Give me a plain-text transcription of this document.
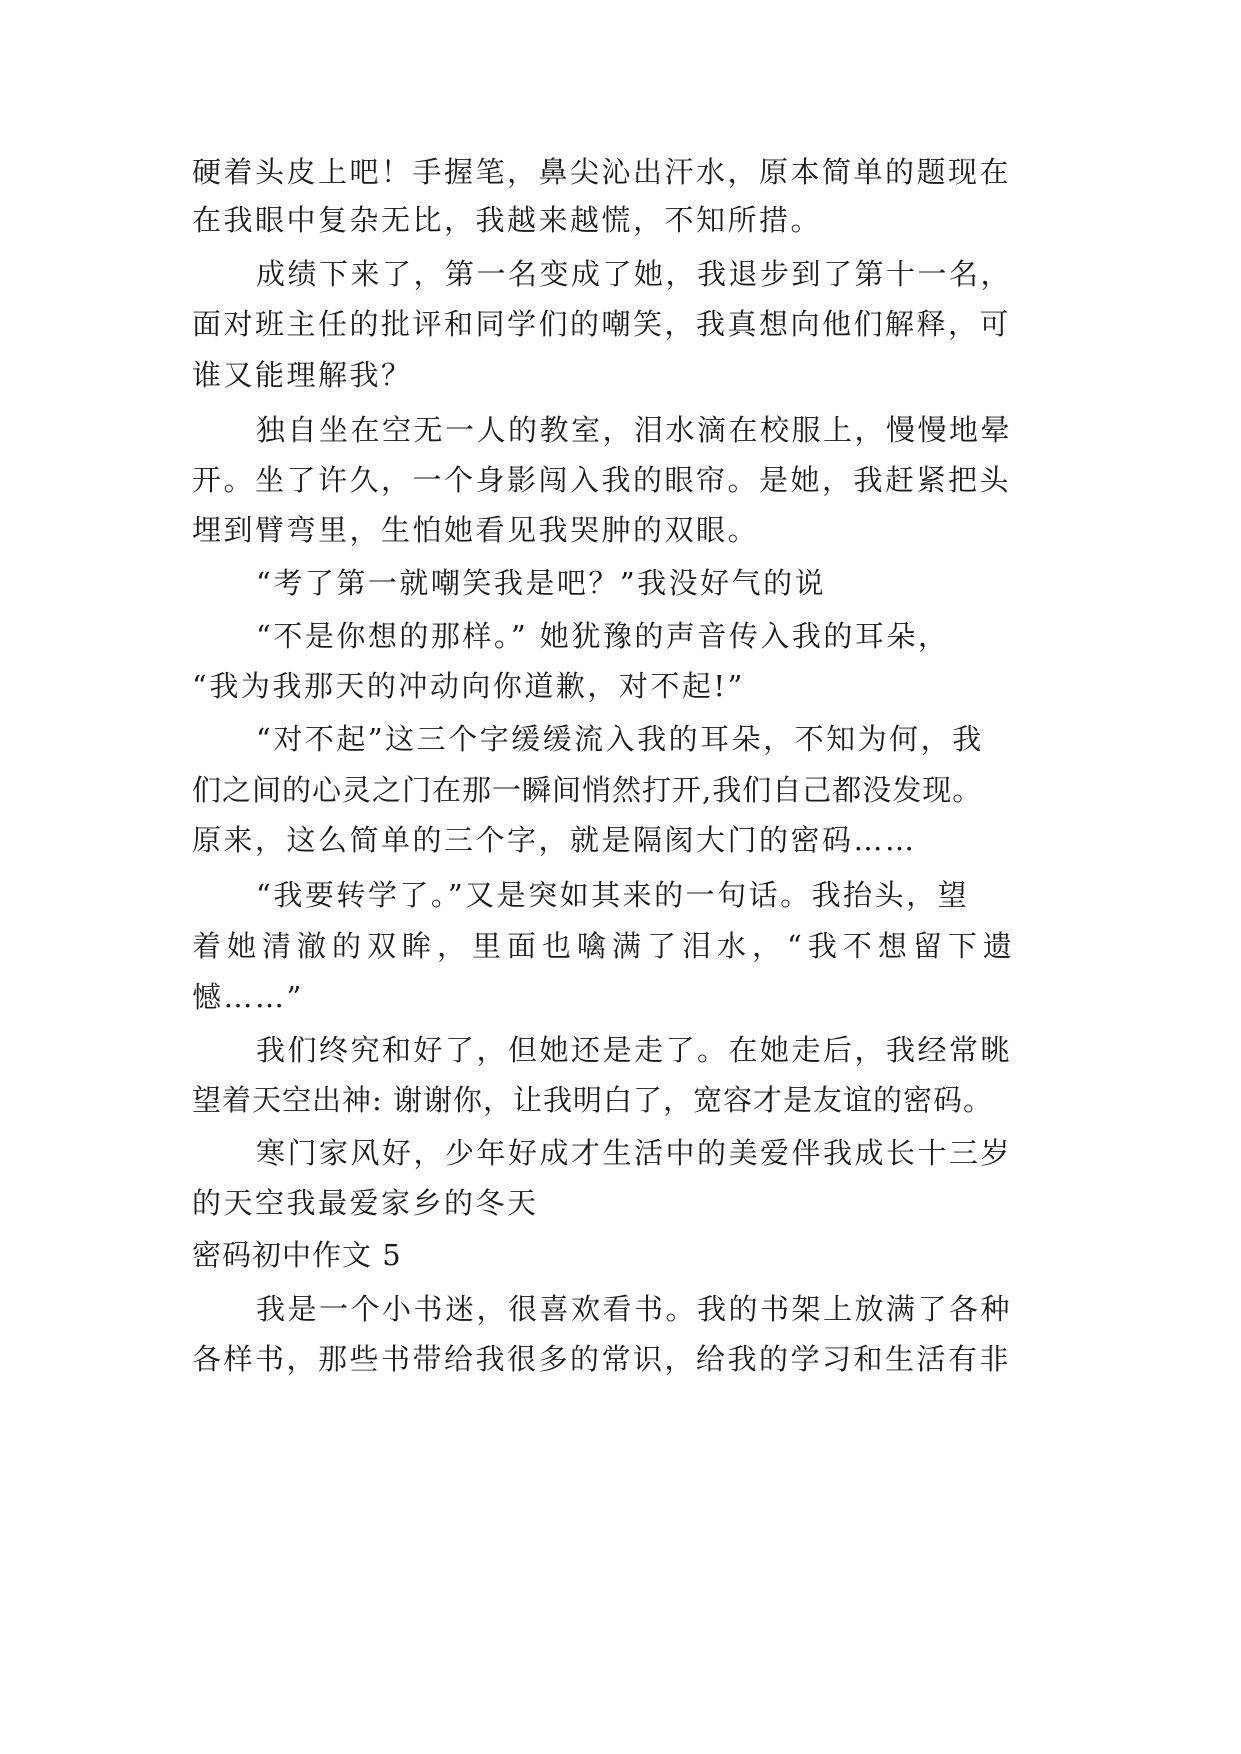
硬着头皮上吧！手握笔，鼻尖沁出汗水，原本简单的题现在
在我眼中复杂无比，我越来越慌，不知所措。
成绩下来了，第一名变成了她，我退步到了第十一名，
面对班主任的批评和同学们的嘲笑，我真想向他们解释，可
谁又能理解我？
独自坐在空无一人的教室，泪水滴在校服上，慢慢地晕
开。坐了许久，一个身影闯入我的眼帘。是她，我赶紧把头
埋到臂弯里，生怕她看见我哭肿的双眼。
“考了第一就嘲笑我是吧？”我没好气的说
“不是你想的那样。” 她犹豫的声音传入我的耳朵，
“我为我那天的冲动向你道歉，对不起!”
“对不起”这三个字缓缓流入我的耳朵，不知为何，我
们之间的心灵之门在那一瞬间悄然打开,我们自己都没发现。
原来，这么简单的三个字，就是隔阂大门的密码……
“我要转学了。”又是突如其来的一句话。我抬头，望
着她清澈的双眸，里面也噙满了泪水，“我不想留下遗
憾……”
我们终究和好了，但她还是走了。在她走后，我经常眺
望着天空出神: 谢谢你，让我明白了，宽容才是友谊的密码。
寒门家风好，少年好成才生活中的美爱伴我成长十三岁
的天空我最爱家乡的冬天
密码初中作文 5
我是一个小书迷，很喜欢看书。我的书架上放满了各种
各样书，那些书带给我很多的常识，给我的学习和生活有非
